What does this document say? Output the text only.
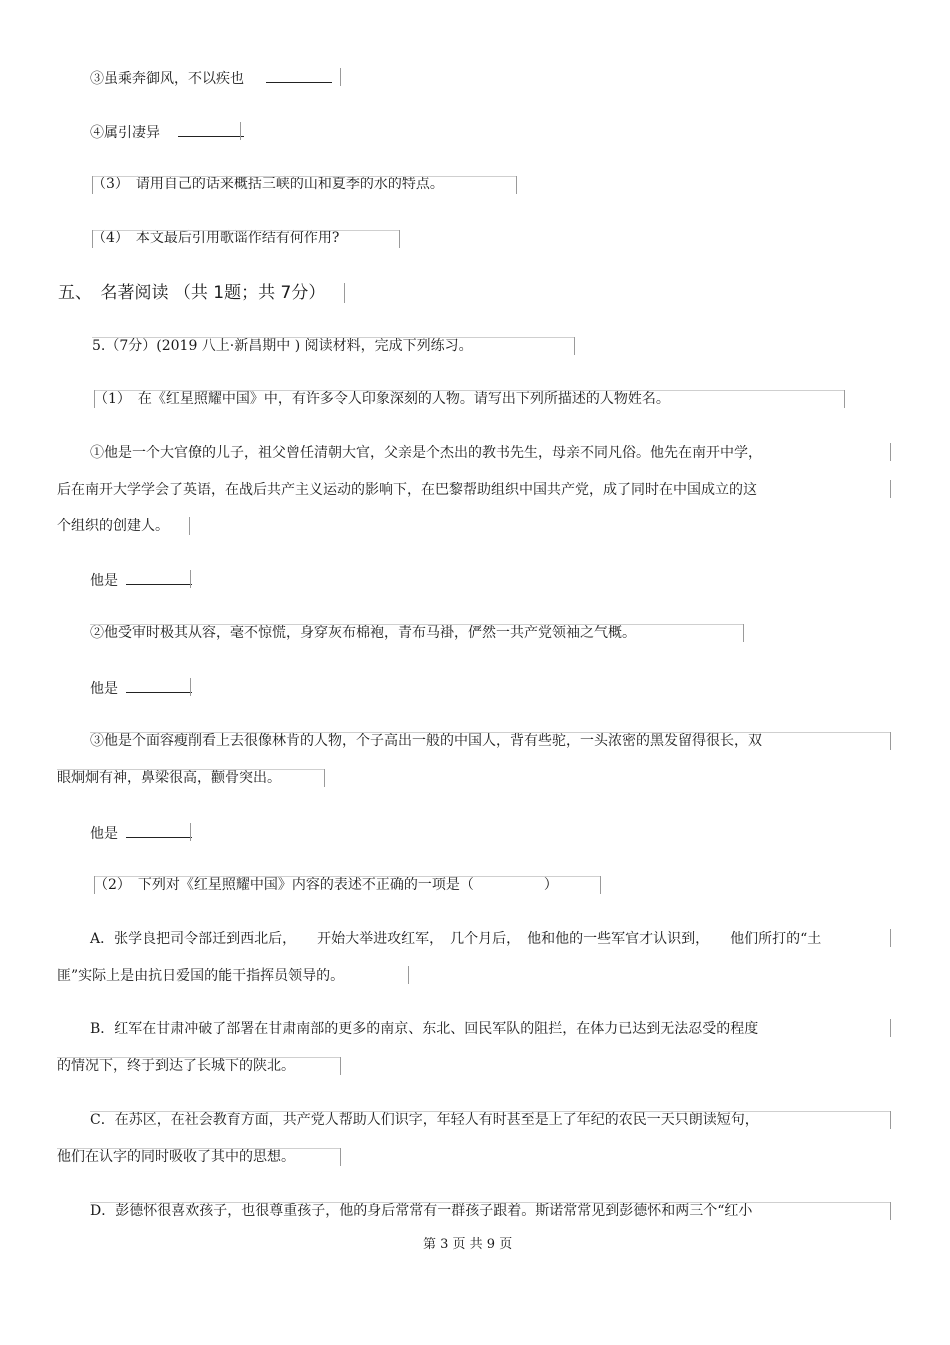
③虽乘奔御风，不以疾也
④属引凄异
（3）　请用自己的话来概括三峡的山和夏季的水的特点。
（4）　本文最后引用歌谣作结有何作用?
五、　名著阅读 （共 1题；共 7分）
5.（7分）(2019 八上·新昌期中 ) 阅读材料，完成下列练习。
（1）　在《红星照耀中国》中，有许多令人印象深刻的人物。请写出下列所描述的人物姓名。
①他是一个大官僚的儿子，祖父曾任清朝大官，父亲是个杰出的教书先生，母亲不同凡俗。他先在南开中学，
后在南开大学学会了英语，在战后共产主义运动的影响下，在巴黎帮助组织中国共产党，成了同时在中国成立的这
个组织的创建人。
他是
②他受审时极其从容，毫不惊慌，身穿灰布棉袍，青布马褂，俨然一共产党领袖之气概。
他是
③他是个面容瘦削看上去很像林肯的人物，个子高出一般的中国人，背有些驼，一头浓密的黑发留得很长，双
眼炯炯有神，鼻梁很高，颧骨突出。
他是
（2）　下列对《红星照耀中国》内容的表述不正确的一项是（　　　　　）
A．张学良把司令部迁到西北后，　　开始大举进攻红军，　几个月后，　他和他的一些军官才认识到，　　他们所打的“土
匪”实际上是由抗日爱国的能干指挥员领导的。
B．红军在甘肃冲破了部署在甘肃南部的更多的南京、东北、回民军队的阻拦，在体力已达到无法忍受的程度
的情况下，终于到达了长城下的陕北。
C．在苏区，在社会教育方面，共产党人帮助人们识字，年轻人有时甚至是上了年纪的农民一天只朗读短句，
他们在认字的同时吸收了其中的思想。
D．彭德怀很喜欢孩子，也很尊重孩子，他的身后常常有一群孩子跟着。斯诺常常见到彭德怀和两三个“红小
第 3 页 共 9 页
